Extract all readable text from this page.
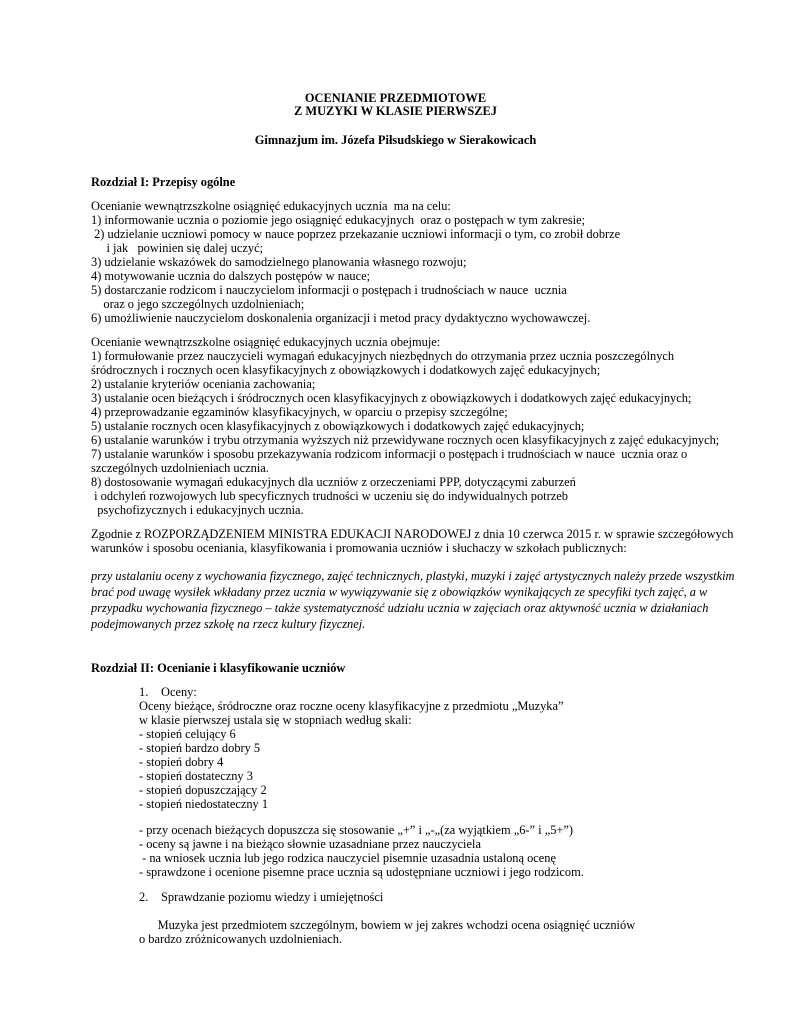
OCENIANIE PRZEDMIOTOWE
Z MUZYKI W KLASIE PIERWSZEJ
Gimnazjum im. Józefa Piłsudskiego w Sierakowicach
Rozdział I: Przepisy ogólne
Ocenianie wewnątrzszkolne osiągnięć edukacyjnych ucznia  ma na celu:
1) informowanie ucznia o poziomie jego osiągnięć edukacyjnych  oraz o postępach w tym zakresie;
2) udzielanie uczniowi pomocy w nauce poprzez przekazanie uczniowi informacji o tym, co zrobił dobrze
i jak   powinien się dalej uczyć;
3) udzielanie wskazówek do samodzielnego planowania własnego rozwoju;
4) motywowanie ucznia do dalszych postępów w nauce;
5) dostarczanie rodzicom i nauczycielom informacji o postępach i trudnościach w nauce  ucznia
oraz o jego szczególnych uzdolnieniach;
6) umożliwienie nauczycielom doskonalenia organizacji i metod pracy dydaktyczno wychowawczej.
Ocenianie wewnątrzszkolne osiągnięć edukacyjnych ucznia obejmuje:
1) formułowanie przez nauczycieli wymagań edukacyjnych niezbędnych do otrzymania przez ucznia poszczególnych
śródrocznych i rocznych ocen klasyfikacyjnych z obowiązkowych i dodatkowych zajęć edukacyjnych;
2) ustalanie kryteriów oceniania zachowania;
3) ustalanie ocen bieżących i śródrocznych ocen klasyfikacyjnych z obowiązkowych i dodatkowych zajęć edukacyjnych;
4) przeprowadzanie egzaminów klasyfikacyjnych, w oparciu o przepisy szczególne;
5) ustalanie rocznych ocen klasyfikacyjnych z obowiązkowych i dodatkowych zajęć edukacyjnych;
6) ustalanie warunków i trybu otrzymania wyższych niż przewidywane rocznych ocen klasyfikacyjnych z zajęć edukacyjnych;
7) ustalanie warunków i sposobu przekazywania rodzicom informacji o postępach i trudnościach w nauce  ucznia oraz o
szczególnych uzdolnieniach ucznia.
8) dostosowanie wymagań edukacyjnych dla uczniów z orzeczeniami PPP, dotyczącymi zaburzeń
i odchyleń rozwojowych lub specyficznych trudności w uczeniu się do indywidualnych potrzeb
psychofizycznych i edukacyjnych ucznia.
Zgodnie z ROZPORZĄDZENIEM MINISTRA EDUKACJI NARODOWEJ z dnia 10 czerwca 2015 r. w sprawie szczegółowych
warunków i sposobu oceniania, klasyfikowania i promowania uczniów i słuchaczy w szkołach publicznych:
przy ustalaniu oceny z wychowania fizycznego, zajęć technicznych, plastyki, muzyki i zajęć artystycznych należy przede wszystkim
brać pod uwagę wysiłek wkładany przez ucznia w wywiązywanie się z obowiązków wynikających ze specyfiki tych zajęć, a w
przypadku wychowania fizycznego – także systematyczność udziału ucznia w zajęciach oraz aktywność ucznia w działaniach
podejmowanych przez szkołę na rzecz kultury fizycznej.
Rozdział II: Ocenianie i klasyfikowanie uczniów
1. Oceny:
Oceny bieżące, śródroczne oraz roczne oceny klasyfikacyjne z przedmiotu „Muzyka”
w klasie pierwszej ustala się w stopniach według skali:
- stopień celujący 6
- stopień bardzo dobry 5
- stopień dobry 4
- stopień dostateczny 3
- stopień dopuszczający 2
- stopień niedostateczny 1
- przy ocenach bieżących dopuszcza się stosowanie „+” i „-„(za wyjątkiem „6-” i „5+”)
- oceny są jawne i na bieżąco słownie uzasadniane przez nauczyciela
- na wniosek ucznia lub jego rodzica nauczyciel pisemnie uzasadnia ustaloną ocenę
- sprawdzone i ocenione pisemne prace ucznia są udostępniane uczniowi i jego rodzicom.
2. Sprawdzanie poziomu wiedzy i umiejętności
Muzyka jest przedmiotem szczególnym, bowiem w jej zakres wchodzi ocena osiągnięć uczniów
o bardzo zróżnicowanych uzdolnieniach.
